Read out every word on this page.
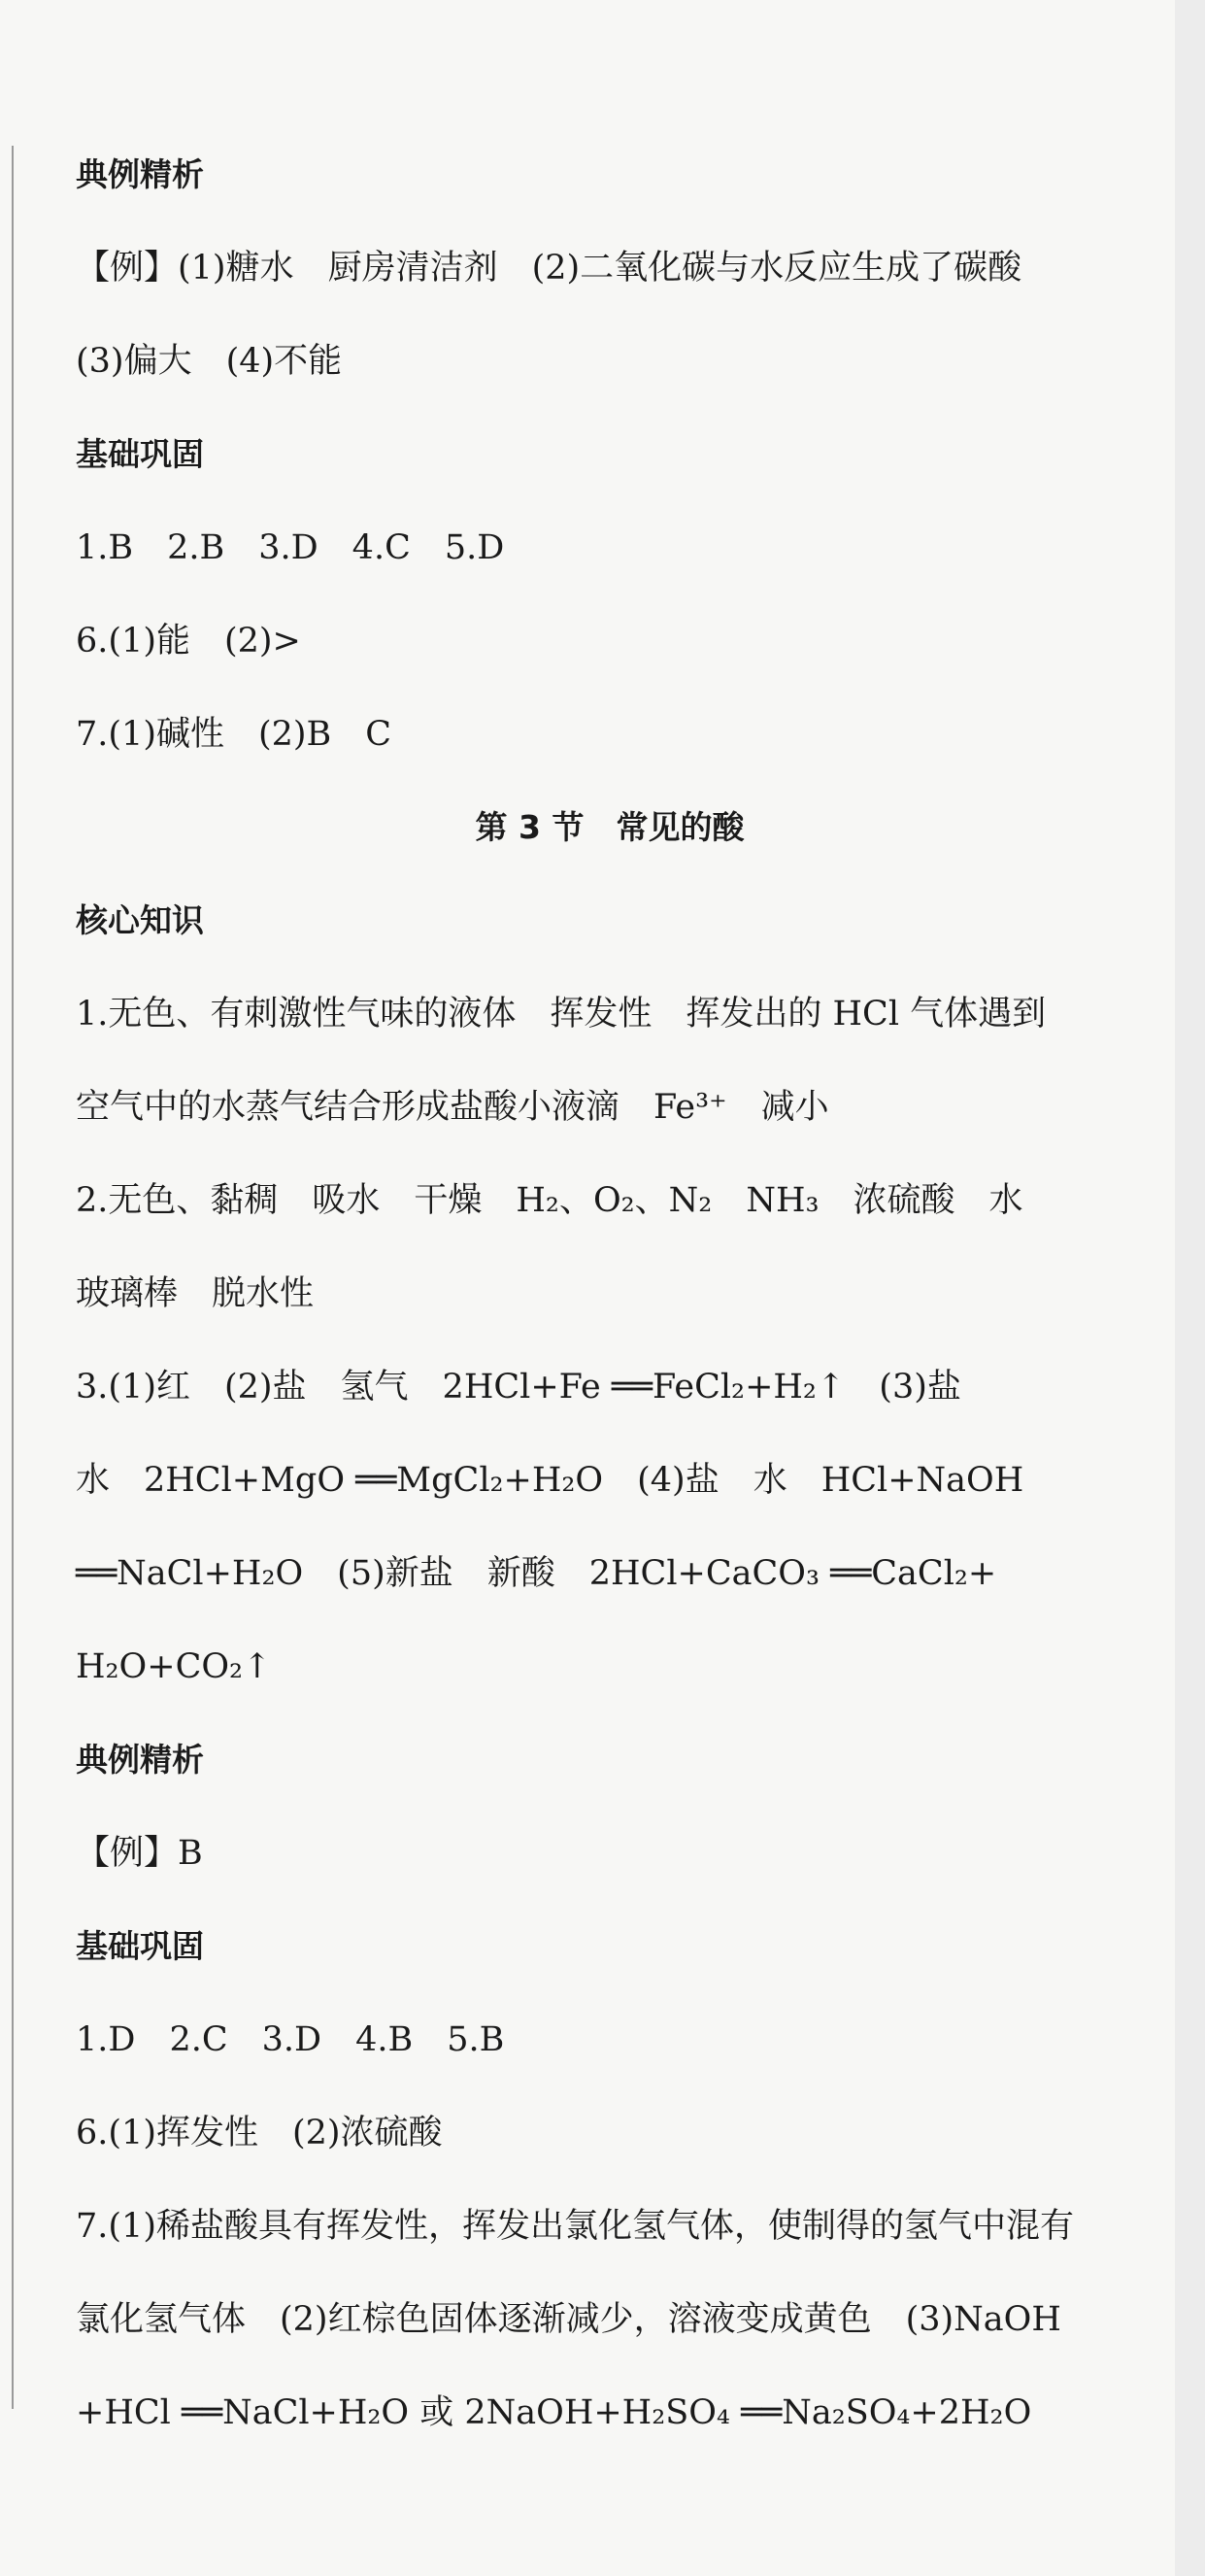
典例精析
【例】(1)糖水　厨房清洁剂　(2)二氧化碳与水反应生成了碳酸
(3)偏大　(4)不能
基础巩固
1.B　2.B　3.D　4.C　5.D
6.(1)能　(2)>
7.(1)碱性　(2)B　C
第 3 节　常见的酸
核心知识
1.无色、有刺激性气味的液体　挥发性　挥发出的 HCl 气体遇到
空气中的水蒸气结合形成盐酸小液滴　Fe³⁺　减小
2.无色、黏稠　吸水　干燥　H₂、O₂、N₂　NH₃　浓硫酸　水
玻璃棒　脱水性
3.(1)红　(2)盐　氢气　2HCl+Fe ══FeCl₂+H₂↑　(3)盐
水　2HCl+MgO ══MgCl₂+H₂O　(4)盐　水　HCl+NaOH
══NaCl+H₂O　(5)新盐　新酸　2HCl+CaCO₃ ══CaCl₂+
H₂O+CO₂↑
典例精析
【例】B
基础巩固
1.D　2.C　3.D　4.B　5.B
6.(1)挥发性　(2)浓硫酸
7.(1)稀盐酸具有挥发性，挥发出氯化氢气体，使制得的氢气中混有
氯化氢气体　(2)红棕色固体逐渐减少，溶液变成黄色　(3)NaOH
+HCl ══NaCl+H₂O 或 2NaOH+H₂SO₄ ══Na₂SO₄+2H₂O
